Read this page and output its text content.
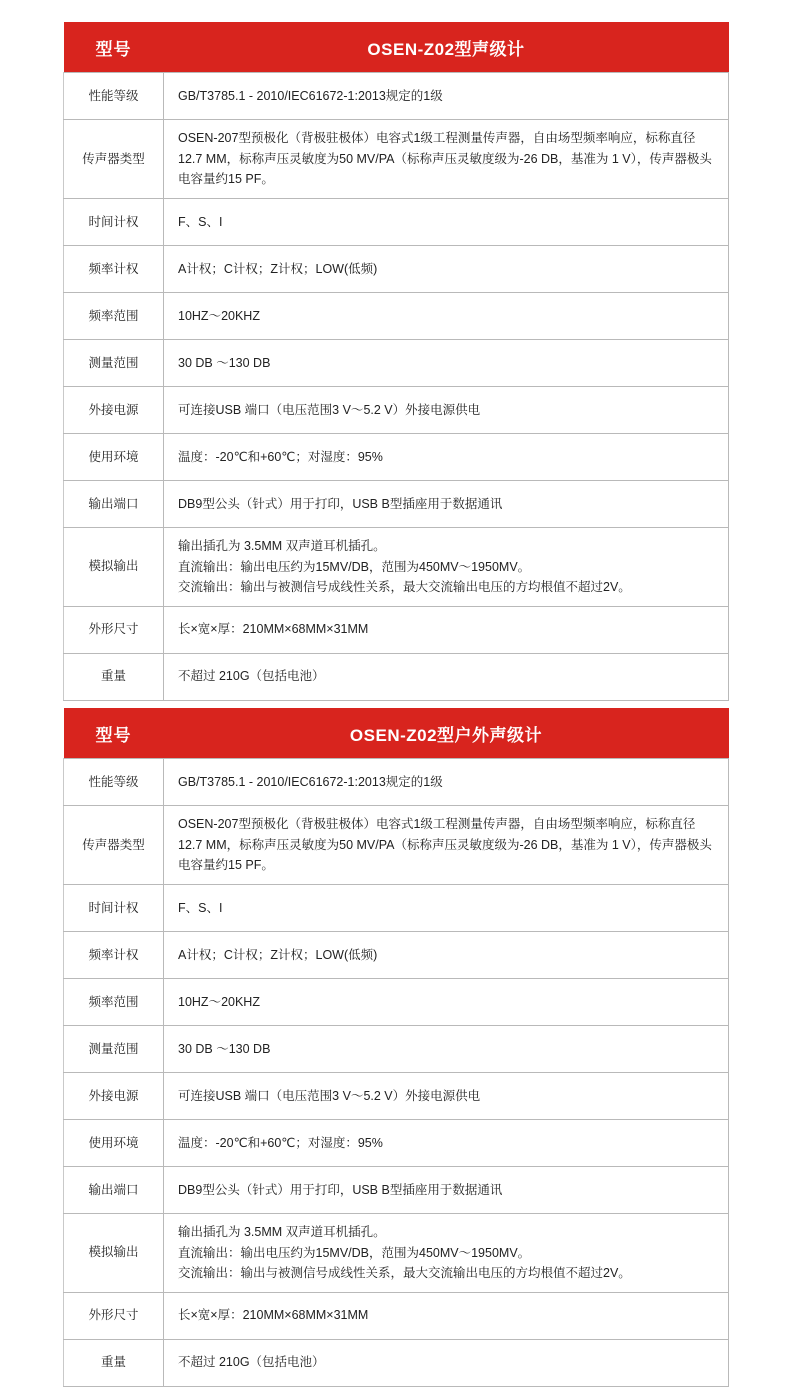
型号	OSEN-Z02型声级计
性能等级	GB/T3785.1 - 2010/IEC61672-1:2013规定的1级

传声器类型	OSEN-207型预极化（背极驻极体）电容式1级工程测量传声器，自由场型频率响应，标称直径12.7 MM，标称声压灵敏度为50 MV/PA（标称声压灵敏度级为-26 DB，基准为 1 V），传声器极头电容量约15 PF。

时间计权	F、S、I

频率计权	A计权；C计权；Z计权；LOW(低频)

频率范围	10HZ～20KHZ

测量范围	30 DB ～130 DB

外接电源	可连接USB 端口（电压范围3 V～5.2 V）外接电源供电

使用环境	温度：-20℃和+60℃；对湿度：95%

输出端口	DB9型公头（针式）用于打印，USB B型插座用于数据通讯

模拟输出	输出插孔为 3.5MM 双声道耳机插孔。
直流输出：输出电压约为15MV/DB，范围为450MV～1950MV。
交流输出：输出与被测信号成线性关系，最大交流输出电压的方均根值不超过2V。

外形尺寸	长×宽×厚：210MM×68MM×31MM

重量	不超过 210G（包括电池）
型号	OSEN-Z02型户外声级计
性能等级	GB/T3785.1 - 2010/IEC61672-1:2013规定的1级

传声器类型	OSEN-207型预极化（背极驻极体）电容式1级工程测量传声器，自由场型频率响应，标称直径12.7 MM，标称声压灵敏度为50 MV/PA（标称声压灵敏度级为-26 DB，基准为 1 V），传声器极头电容量约15 PF。

时间计权	F、S、I

频率计权	A计权；C计权；Z计权；LOW(低频)

频率范围	10HZ～20KHZ

测量范围	30 DB ～130 DB

外接电源	可连接USB 端口（电压范围3 V～5.2 V）外接电源供电

使用环境	温度：-20℃和+60℃；对湿度：95%

输出端口	DB9型公头（针式）用于打印，USB B型插座用于数据通讯

模拟输出	输出插孔为 3.5MM 双声道耳机插孔。
直流输出：输出电压约为15MV/DB，范围为450MV～1950MV。
交流输出：输出与被测信号成线性关系，最大交流输出电压的方均根值不超过2V。

外形尺寸	长×宽×厚：210MM×68MM×31MM

重量	不超过 210G（包括电池）
